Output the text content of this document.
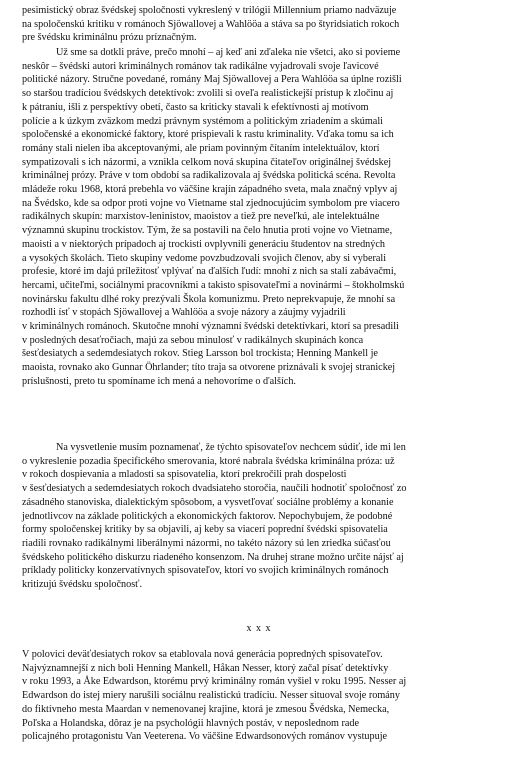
pesimistický obraz švédskej spoločnosti vykreslený v trilógii Millennium priamo nadväzuje
na spoločenskú kritiku v románoch Sjöwallovej a Wahlööa a stáva sa po štyridsiatich rokoch
pre švédsku kriminálnu prózu príznačným.
Už sme sa dotkli práve, prečo mnohí – aj keď ani zďaleka nie všetci, ako si povieme
neskôr – švédski autori kriminálnych románov tak radikálne vyjadrovali svoje ľavicové
politické názory. Stručne povedané, romány Maj Sjöwallovej a Pera Wahlööa sa úplne rozišli
so staršou tradíciou švédskych detektívok: zvolili si oveľa realistickejší prístup k zločinu aj
k pátraniu, išli z perspektívy obetí, často sa kriticky stavali k efektívnosti aj motívom
polície a k úzkym zväzkom medzi právnym systémom a politickým zriadením a skúmali
spoločenské a ekonomické faktory, ktoré prispievali k rastu kriminality. Vďaka tomu sa ich
romány stali nielen iba akceptovanými, ale priam povinným čítaním intelektuálov, ktorí
sympatizovali s ich názormi, a vznikla celkom nová skupina čitateľov originálnej švédskej
kriminálnej prózy. Práve v tom období sa radikalizovala aj švédska politická scéna. Revolta
mládeže roku 1968, ktorá prebehla vo väčšine krajín západného sveta, mala značný vplyv aj
na Švédsko, kde sa odpor proti vojne vo Vietname stal zjednocujúcim symbolom pre viacero
radikálnych skupín: marxistov-leninistov, maoistov a tiež pre neveľkú, ale intelektuálne
významnú skupinu trockistov. Tým, že sa postavili na čelo hnutia proti vojne vo Vietname,
maoisti a v niektorých prípadoch aj trockisti ovplyvnili generáciu študentov na stredných
a vysokých školách. Tieto skupiny vedome povzbudzovali svojich členov, aby si vyberali
profesie, ktoré im dajú príležitosť vplývať na ďalších ľudí: mnohí z nich sa stali zabávačmi,
hercami, učiteľmi, sociálnymi pracovníkmi a takisto spisovateľmi a novinármi – štokholmskú
novinársku fakultu dlhé roky prezývali Škola komunizmu. Preto neprekvapuje, že mnohí sa
rozhodli ísť v stopách Sjöwallovej a Wahlööa a svoje názory a záujmy vyjadrili
v kriminálnych románoch. Skutočne mnohí významní švédski detektívkari, ktorí sa presadili
v posledných desaťročiach, majú za sebou minulosť v radikálnych skupinách konca
šesťdesiatych a sedemdesiatych rokov. Stieg Larsson bol trockista; Henning Mankell je
maoista, rovnako ako Gunnar Öhrlander; títo traja sa otvorene priznávali k svojej stranickej
príslušnosti, preto tu spomíname ich mená a nehovoríme o ďalších.
Na vysvetlenie musím poznamenať, že týchto spisovateľov nechcem súdiť, ide mi len
o vykreslenie pozadia špecifického smerovania, ktoré nabrala švédska kriminálna próza: už
v rokoch dospievania a mladosti sa spisovatelia, ktorí prekročili prah dospelosti
v šesťdesiatych a sedemdesiatych rokoch dvadsiateho storočia, naučili hodnotiť spoločnosť zo
zásadného stanoviska, dialektickým spôsobom, a vysvetľovať sociálne problémy a konanie
jednotlivcov na základe politických a ekonomických faktorov. Nepochybujem, že podobné
formy spoločenskej kritiky by sa objavili, aj keby sa viacerí poprední švédski spisovatelia
riadili rovnako radikálnymi liberálnymi názormi, no takéto názory sú len zriedka súčasťou
švédskeho politického diskurzu riadeného konsenzom. Na druhej strane možno určite nájsť aj
príklady politicky konzervatívnych spisovateľov, ktorí vo svojich kriminálnych románoch
kritizujú švédsku spoločnosť.
x x x
V polovici deväťdesiatych rokov sa etablovala nová generácia popredných spisovateľov.
Najvýznamnejší z nich boli Henning Mankell, Håkan Nesser, ktorý začal písať detektívky
v roku 1993, a Åke Edwardson, ktorému prvý kriminálny román vyšiel v roku 1995. Nesser aj
Edwardson do istej miery narušili sociálnu realistickú tradíciu. Nesser situoval svoje romány
do fiktívneho mesta Maardan v nemenovanej krajine, ktorá je zmesou Švédska, Nemecka,
Poľska a Holandska, dôraz je na psychológii hlavných postáv, v neposlednom rade
policajného protagonistu Van Veeterena. Vo väčšine Edwardsonových románov vystupuje
